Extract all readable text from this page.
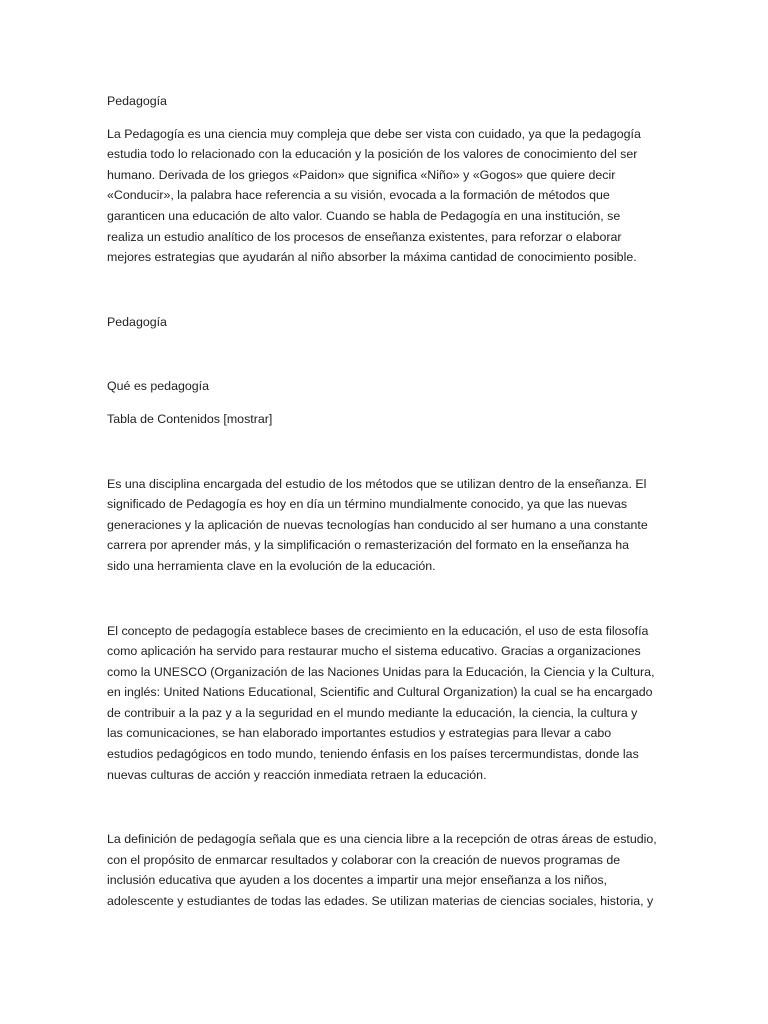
Pedagogía
La Pedagogía es una ciencia muy compleja que debe ser vista con cuidado, ya que la pedagogía
estudia todo lo relacionado con la educación y la posición de los valores de conocimiento del ser
humano. Derivada de los griegos «Paidon» que significa «Niño» y «Gogos» que quiere decir
«Conducir», la palabra hace referencia a su visión, evocada a la formación de métodos que
garanticen una educación de alto valor. Cuando se habla de Pedagogía en una institución, se
realiza un estudio analítico de los procesos de enseñanza existentes, para reforzar o elaborar
mejores estrategias que ayudarán al niño absorber la máxima cantidad de conocimiento posible.
Pedagogía
Qué es pedagogía
Tabla de Contenidos [mostrar]
Es una disciplina encargada del estudio de los métodos que se utilizan dentro de la enseñanza. El
significado de Pedagogía es hoy en día un término mundialmente conocido, ya que las nuevas
generaciones y la aplicación de nuevas tecnologías han conducido al ser humano a una constante
carrera por aprender más, y la simplificación o remasterización del formato en la enseñanza ha
sido una herramienta clave en la evolución de la educación.
El concepto de pedagogía establece bases de crecimiento en la educación, el uso de esta filosofía
como aplicación ha servido para restaurar mucho el sistema educativo. Gracias a organizaciones
como la UNESCO (Organización de las Naciones Unidas para la Educación, la Ciencia y la Cultura,
en inglés: United Nations Educational, Scientific and Cultural Organization) la cual se ha encargado
de contribuir a la paz y a la seguridad en el mundo mediante la educación, la ciencia, la cultura y
las comunicaciones, se han elaborado importantes estudios y estrategias para llevar a cabo
estudios pedagógicos en todo mundo, teniendo énfasis en los países tercermundistas, donde las
nuevas culturas de acción y reacción inmediata retraen la educación.
La definición de pedagogía señala que es una ciencia libre a la recepción de otras áreas de estudio,
con el propósito de enmarcar resultados y colaborar con la creación de nuevos programas de
inclusión educativa que ayuden a los docentes a impartir una mejor enseñanza a los niños,
adolescente y estudiantes de todas las edades. Se utilizan materias de ciencias sociales, historia, y
